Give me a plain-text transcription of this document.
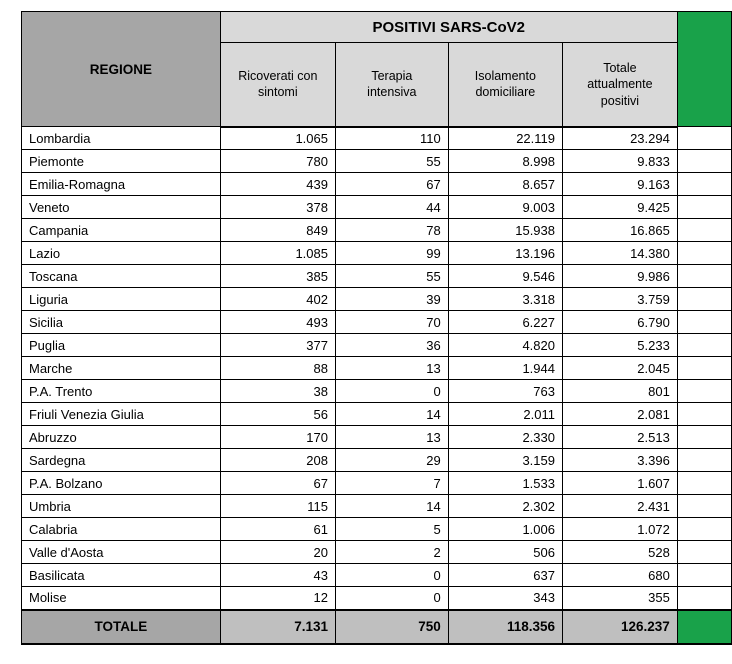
REGIONE	POSITIVI SARS-CoV2				
	Ricoverati con sintomi	Terapia intensiva	Isolamento domiciliare	Totale attualmente positivi	
Lombardia	1.065	110	22.119	23.294	
Piemonte	780	55	8.998	9.833	
Emilia-Romagna	439	67	8.657	9.163	
Veneto	378	44	9.003	9.425	
Campania	849	78	15.938	16.865	
Lazio	1.085	99	13.196	14.380	
Toscana	385	55	9.546	9.986	
Liguria	402	39	3.318	3.759	
Sicilia	493	70	6.227	6.790	
Puglia	377	36	4.820	5.233	
Marche	88	13	1.944	2.045	
P.A. Trento	38	0	763	801	
Friuli Venezia Giulia	56	14	2.011	2.081	
Abruzzo	170	13	2.330	2.513	
Sardegna	208	29	3.159	3.396	
P.A. Bolzano	67	7	1.533	1.607	
Umbria	115	14	2.302	2.431	
Calabria	61	5	1.006	1.072	
Valle d'Aosta	20	2	506	528	
Basilicata	43	0	637	680	
Molise	12	0	343	355	
TOTALE	7.131	750	118.356	126.237	
